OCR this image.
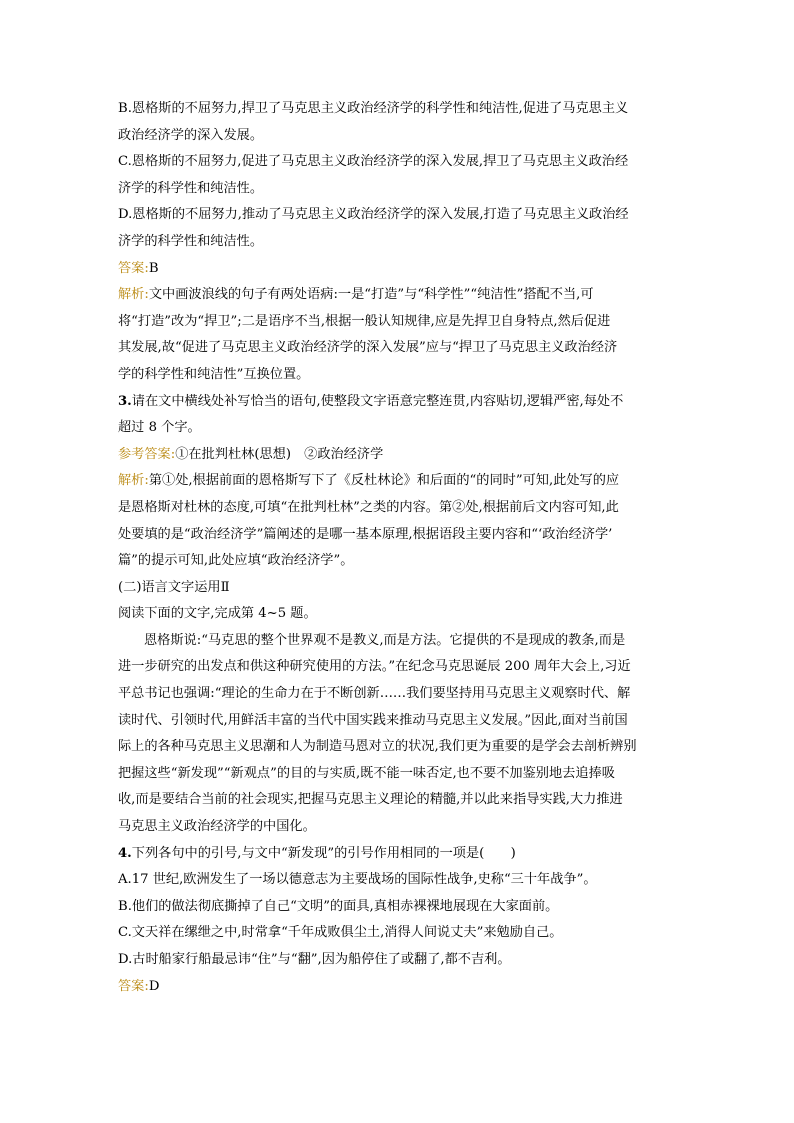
B.恩格斯的不屈努力,捍卫了马克思主义政治经济学的科学性和纯洁性,促进了马克思主义
政治经济学的深入发展。
C.恩格斯的不屈努力,促进了马克思主义政治经济学的深入发展,捍卫了马克思主义政治经
济学的科学性和纯洁性。
D.恩格斯的不屈努力,推动了马克思主义政治经济学的深入发展,打造了马克思主义政治经
济学的科学性和纯洁性。
答案:B
解析:文中画波浪线的句子有两处语病:一是“打造”与“科学性”“纯洁性”搭配不当,可
将“打造”改为“捍卫”;二是语序不当,根据一般认知规律,应是先捍卫自身特点,然后促进
其发展,故“促进了马克思主义政治经济学的深入发展”应与“捍卫了马克思主义政治经济
学的科学性和纯洁性”互换位置。
3.请在文中横线处补写恰当的语句,使整段文字语意完整连贯,内容贴切,逻辑严密,每处不
超过 8 个字。
参考答案:①在批判杜林(思想)　②政治经济学
解析:第①处,根据前面的恩格斯写下了《反杜林论》和后面的“的同时”可知,此处写的应
是恩格斯对杜林的态度,可填“在批判杜林”之类的内容。第②处,根据前后文内容可知,此
处要填的是“政治经济学”篇阐述的是哪一基本原理,根据语段主要内容和“‘政治经济学’
篇”的提示可知,此处应填“政治经济学”。
(二)语言文字运用Ⅱ
阅读下面的文字,完成第 4~5 题。
恩格斯说:“马克思的整个世界观不是教义,而是方法。它提供的不是现成的教条,而是
进一步研究的出发点和供这种研究使用的方法。”在纪念马克思诞辰 200 周年大会上,习近
平总书记也强调:“理论的生命力在于不断创新……我们要坚持用马克思主义观察时代、解
读时代、引领时代,用鲜活丰富的当代中国实践来推动马克思主义发展。”因此,面对当前国
际上的各种马克思主义思潮和人为制造马恩对立的状况,我们更为重要的是学会去剖析辨别
把握这些“新发现”“新观点”的目的与实质,既不能一味否定,也不要不加鉴别地去追捧吸
收,而是要结合当前的社会现实,把握马克思主义理论的精髓,并以此来指导实践,大力推进
马克思主义政治经济学的中国化。
4.下列各句中的引号,与文中“新发现”的引号作用相同的一项是(　　)
A.17 世纪,欧洲发生了一场以德意志为主要战场的国际性战争,史称“三十年战争”。
B.他们的做法彻底撕掉了自己“文明”的面具,真相赤裸裸地展现在大家面前。
C.文天祥在缧绁之中,时常拿“千年成败俱尘土,消得人间说丈夫”来勉励自己。
D.古时船家行船最忌讳“住”与“翻”,因为船停住了或翻了,都不吉利。
答案:D
